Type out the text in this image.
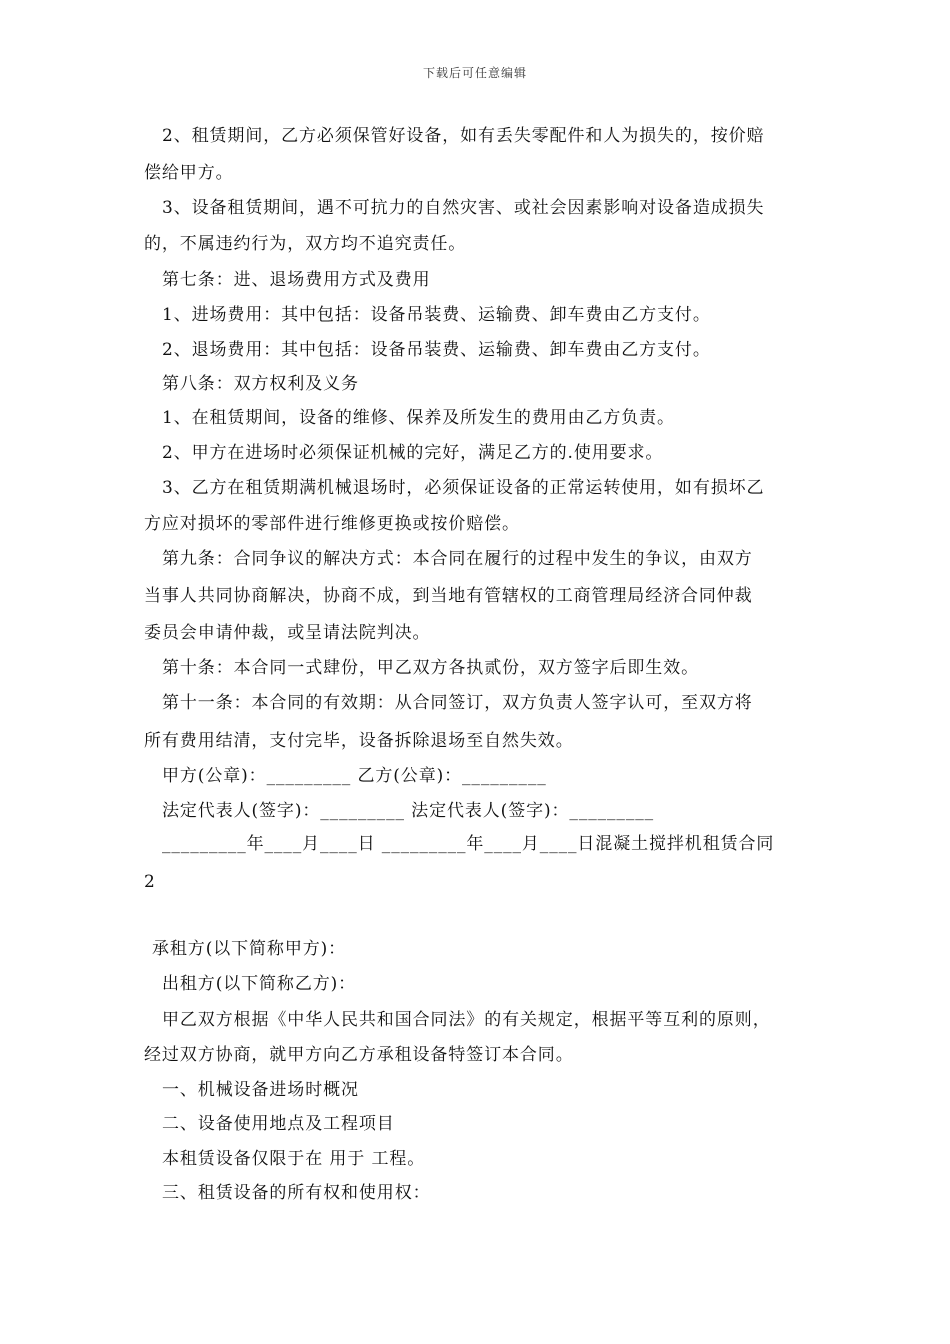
下载后可任意编辑
2、租赁期间，乙方必须保管好设备，如有丢失零配件和人为损失的，按价赔
偿给甲方。
3、设备租赁期间，遇不可抗力的自然灾害、或社会因素影响对设备造成损失
的，不属违约行为，双方均不追究责任。
第七条：进、退场费用方式及费用
1、进场费用：其中包括：设备吊装费、运输费、卸车费由乙方支付。
2、退场费用：其中包括：设备吊装费、运输费、卸车费由乙方支付。
第八条：双方权利及义务
1、在租赁期间，设备的维修、保养及所发生的费用由乙方负责。
2、甲方在进场时必须保证机械的完好，满足乙方的.使用要求。
3、乙方在租赁期满机械退场时，必须保证设备的正常运转使用，如有损坏乙
方应对损坏的零部件进行维修更换或按价赔偿。
第九条：合同争议的解决方式：本合同在履行的过程中发生的争议，由双方
当事人共同协商解决，协商不成，到当地有管辖权的工商管理局经济合同仲裁
委员会申请仲裁，或呈请法院判决。
第十条：本合同一式肆份，甲乙双方各执贰份，双方签字后即生效。
第十一条：本合同的有效期：从合同签订，双方负责人签字认可，至双方将
所有费用结清，支付完毕，设备拆除退场至自然失效。
甲方(公章)：_________ 乙方(公章)：_________
法定代表人(签字)：_________ 法定代表人(签字)：_________
_________年____月____日 _________年____月____日混凝土搅拌机租赁合同
2
承租方(以下简称甲方)：
出租方(以下简称乙方)：
甲乙双方根据《中华人民共和国合同法》的有关规定，根据平等互利的原则，
经过双方协商，就甲方向乙方承租设备特签订本合同。
一、机械设备进场时概况
二、设备使用地点及工程项目
本租赁设备仅限于在 用于 工程。
三、租赁设备的所有权和使用权：
